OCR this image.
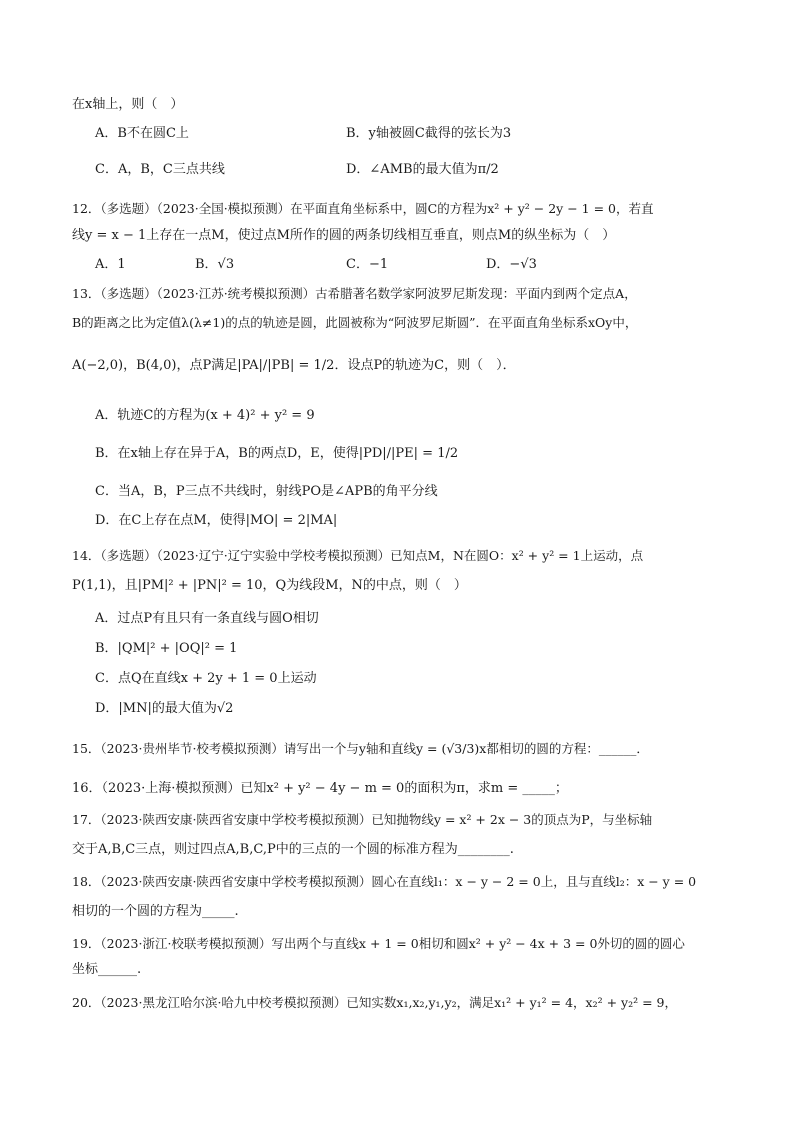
在x轴上，则（　）
A．B不在圆C上	B．y轴被圆C截得的弦长为3
C．A，B，C三点共线	D．∠AMB的最大值为π/2
12．（多选题）（2023·全国·模拟预测）在平面直角坐标系中，圆C的方程为x² + y² − 2y − 1 = 0，若直
线y = x − 1上存在一点M，使过点M所作的圆的两条切线相互垂直，则点M的纵坐标为（　）
A．1	B．√3	C．−1	D．−√3
13．（多选题）（2023·江苏·统考模拟预测）古希腊著名数学家阿波罗尼斯发现：平面内到两个定点A，
B的距离之比为定值λ(λ≠1)的点的轨迹是圆，此圆被称为“阿波罗尼斯圆”．在平面直角坐标系xOy中，
A(−2,0)，B(4,0)，点P满足|PA|/|PB| = 1/2．设点P的轨迹为C，则（　）．
A．轨迹C的方程为(x + 4)² + y² = 9
B．在x轴上存在异于A，B的两点D，E，使得|PD|/|PE| = 1/2
C．当A，B，P三点不共线时，射线PO是∠APB的角平分线
D．在C上存在点M，使得|MO| = 2|MA|
14．（多选题）（2023·辽宁·辽宁实验中学校考模拟预测）已知点M，N在圆O：x² + y² = 1上运动，点
P(1,1)，且|PM|² + |PN|² = 10，Q为线段M，N的中点，则（　）
A．过点P有且只有一条直线与圆O相切
B．|QM|² + |OQ|² = 1
C．点Q在直线x + 2y + 1 = 0上运动
D．|MN|的最大值为√2
15．（2023·贵州毕节·校考模拟预测）请写出一个与y轴和直线y = (√3/3)x都相切的圆的方程：______．
16．（2023·上海·模拟预测）已知x² + y² − 4y − m = 0的面积为π，求m = _____；
17．（2023·陕西安康·陕西省安康中学校考模拟预测）已知抛物线y = x² + 2x − 3的顶点为P，与坐标轴
交于A,B,C三点，则过四点A,B,C,P中的三点的一个圆的标准方程为________.
18．（2023·陕西安康·陕西省安康中学校考模拟预测）圆心在直线l₁：x − y − 2 = 0上，且与直线l₂：x − y = 0
相切的一个圆的方程为_____.
19．（2023·浙江·校联考模拟预测）写出两个与直线x + 1 = 0相切和圆x² + y² − 4x + 3 = 0外切的圆的圆心
坐标______.
20．（2023·黑龙江哈尔滨·哈九中校考模拟预测）已知实数x₁,x₂,y₁,y₂，满足x₁² + y₁² = 4，x₂² + y₂² = 9，
